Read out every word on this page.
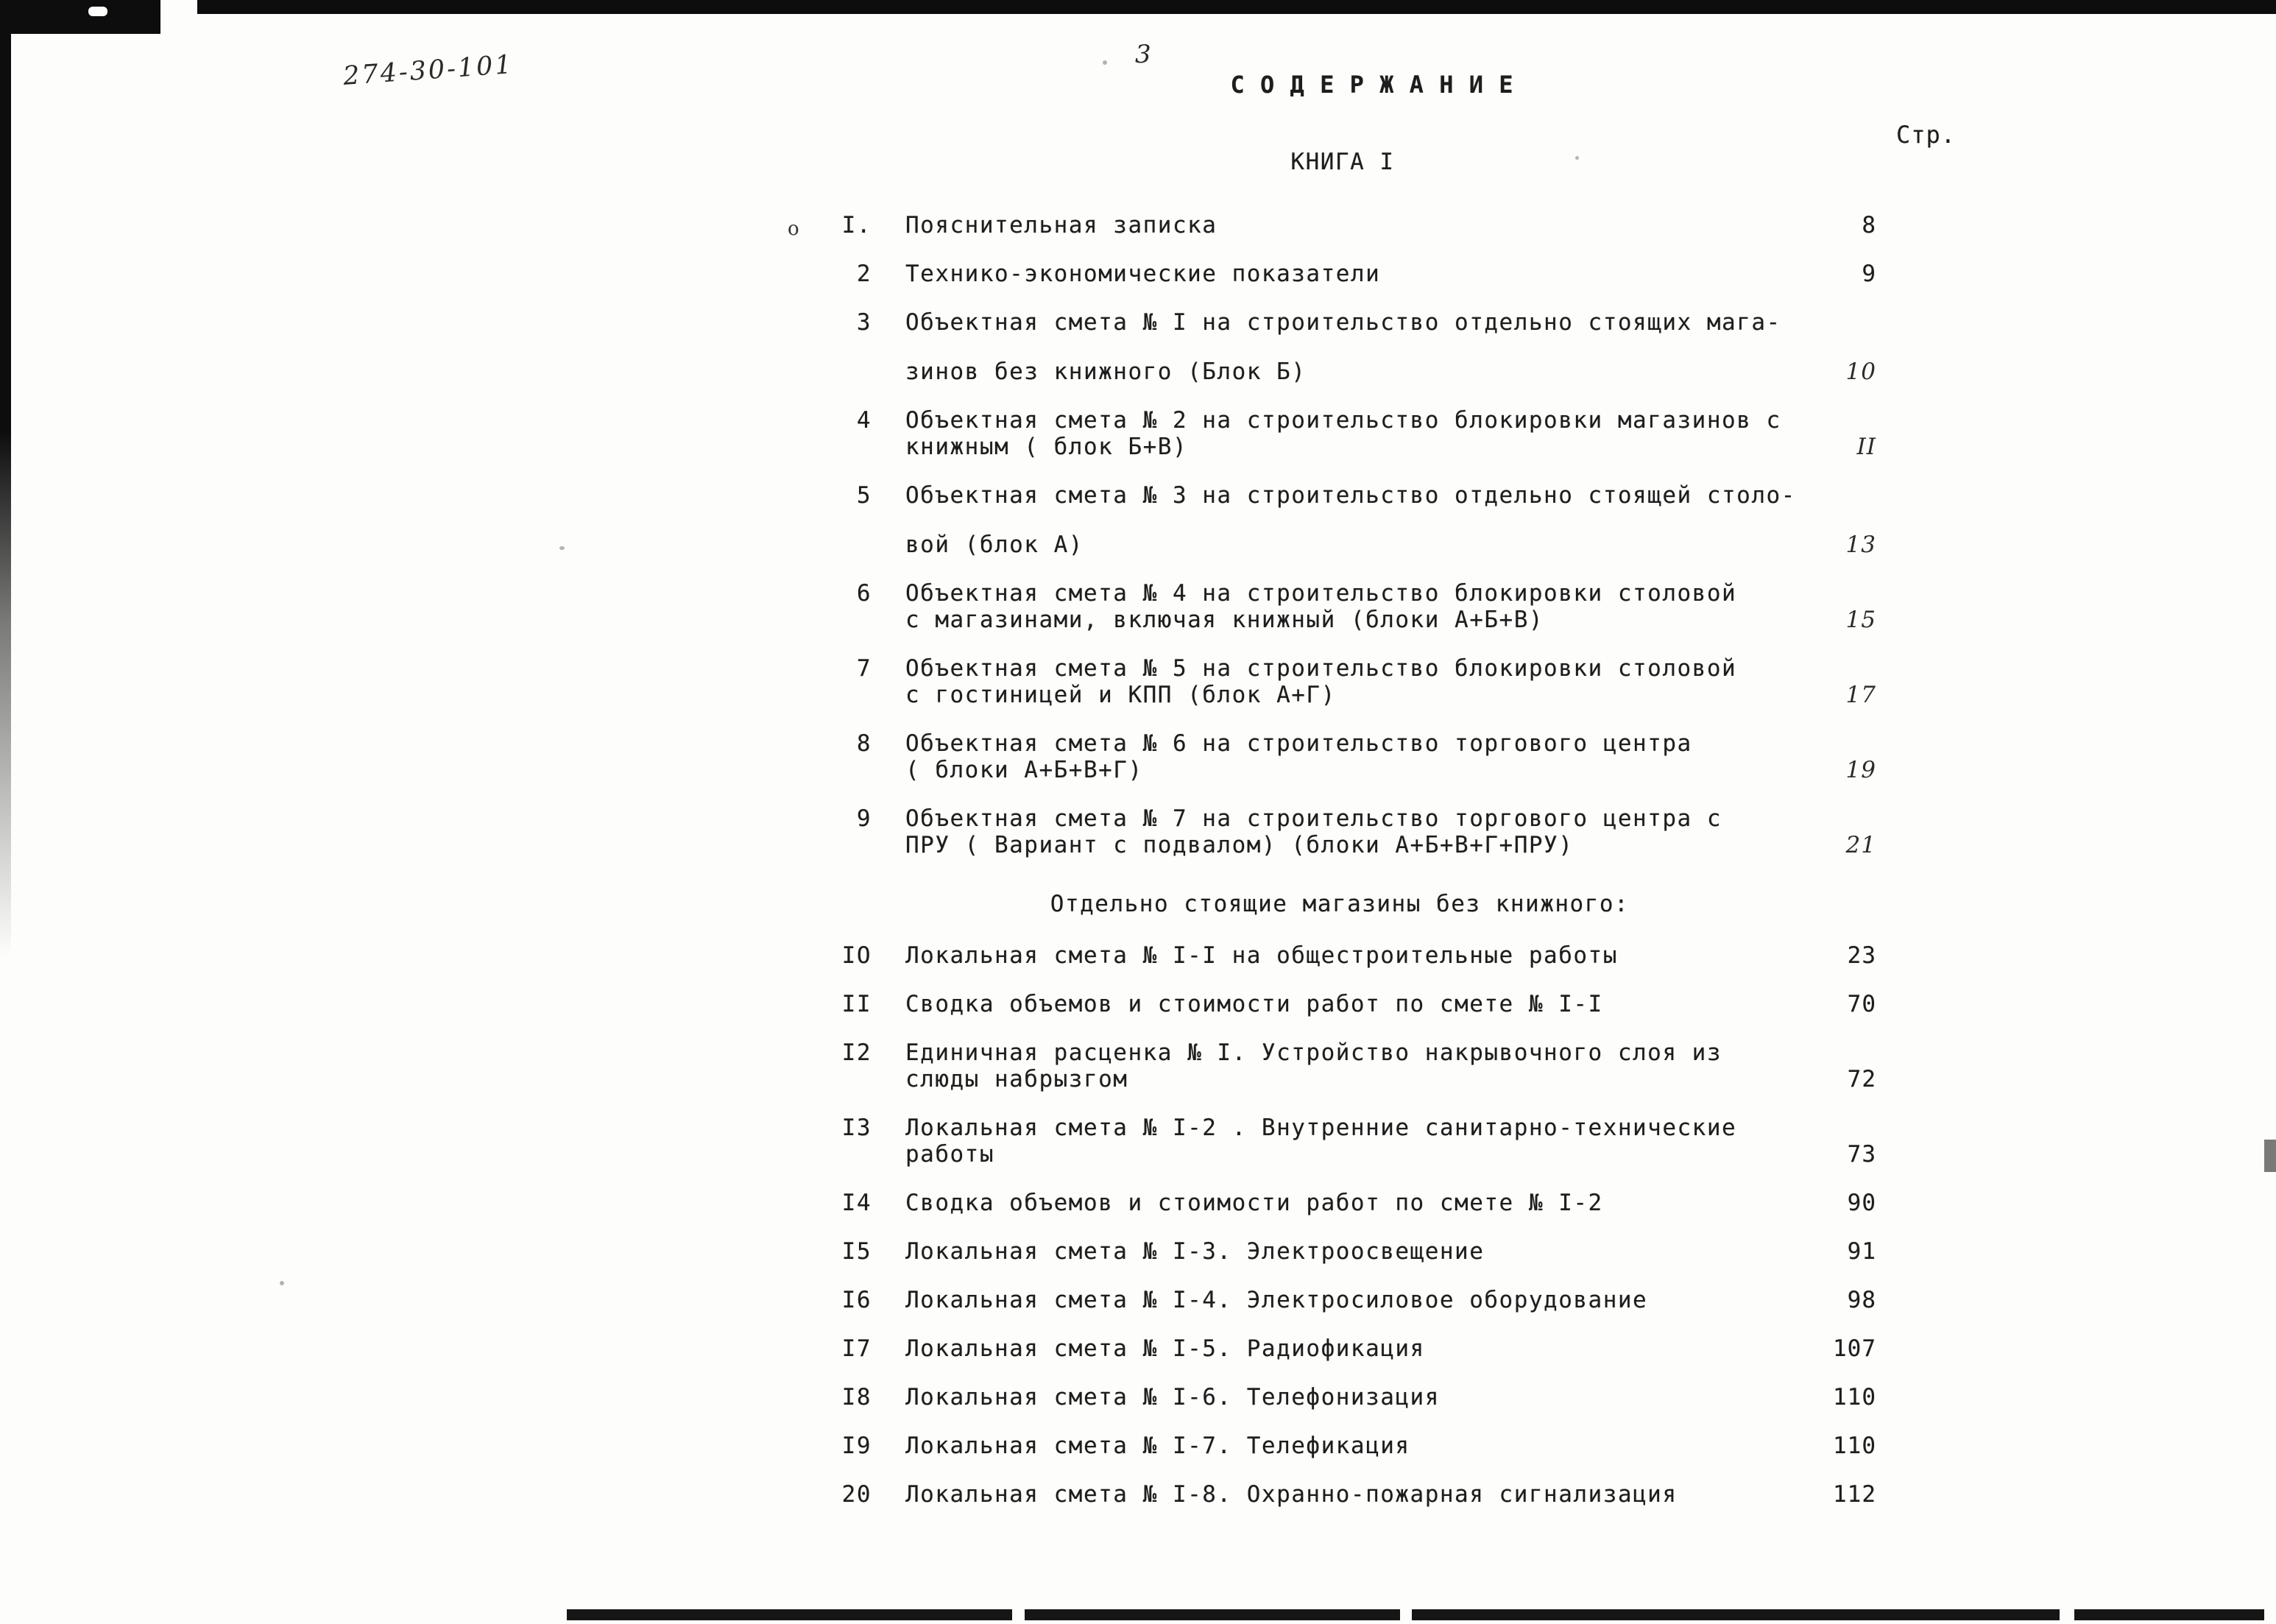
274-30-101	3
С О Д Е Р Ж А Н И Е
КНИГА I
Стр.
о	I. Пояснительная записка	8
2 Технико-экономические показатели	9
3 Объектная смета № I на строительство отдельно стоящих мага-
зинов без книжного (Блок Б)	10
4 Объектная смета № 2 на строительство блокировки магазинов с
книжным ( блок Б+В)	II
5 Объектная смета № 3 на строительство отдельно стоящей столо-
вой (блок А)	13
6 Объектная смета № 4 на строительство блокировки столовой
с магазинами, включая книжный (блоки А+Б+В)	15
7 Объектная смета № 5 на строительство блокировки столовой
с гостиницей и КПП (блок А+Г)	17
8 Объектная смета № 6 на строительство торгового центра
( блоки А+Б+В+Г)	19
9 Объектная смета № 7 на строительство торгового центра с
ПРУ ( Вариант с подвалом) (блоки А+Б+В+Г+ПРУ)	21
Отдельно стоящие магазины без книжного:
IO Локальная смета № I-I на общестроительные работы	23
II Сводка объемов и стоимости работ по смете № I-I	70
I2 Единичная расценка № I. Устройство накрывочного слоя из
слюды набрызгом	72
I3 Локальная смета № I-2 . Внутренние санитарно-технические
работы	73
I4 Сводка объемов и стоимости работ по смете № I-2	90
I5 Локальная смета № I-3. Электроосвещение	91
I6 Локальная смета № I-4. Электросиловое оборудование	98
I7 Локальная смета № I-5. Радиофикация	107
I8 Локальная смета № I-6. Телефонизация	110
I9 Локальная смета № I-7. Телефикация	110
20 Локальная смета № I-8. Охранно-пожарная сигнализация	112
